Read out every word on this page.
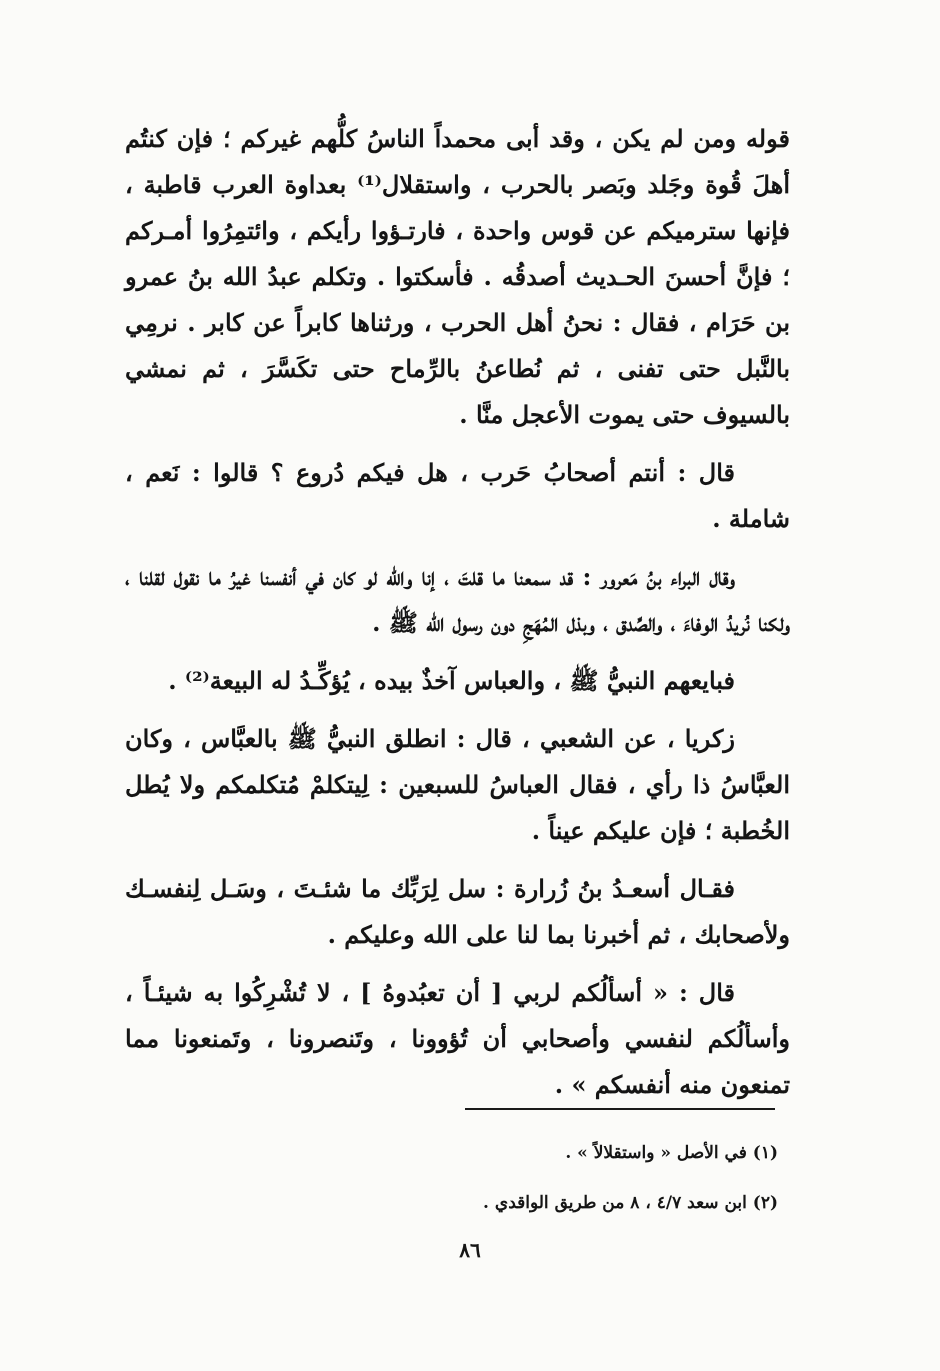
قوله ومن لم يكن ، وقد أبى محمداً الناسُ كلُّهم غيركم ؛ فإن كنتُم أهلَ قُوة وجَلد وبَصر بالحرب ، واستقلال⁽¹⁾ بعداوة العرب قاطبة ، فإنها سترميكم عن قوس واحدة ، فارتـؤوا رأيكم ، وائتمِرُوا أمـركم ؛ فإنَّ أحسنَ الحـديث أصدقُه . فأسكتوا . وتكلم عبدُ الله بنُ عمرو بن حَرَام ، فقال : نحنُ أهل الحرب ، ورثناها كابراً عن كابر . نرمِي بالنَّبل حتى تفنى ، ثم نُطاعنُ بالرِّماح حتى تكَسَّرَ ، ثم نمشي بالسيوف حتى يموت الأعجل منَّا .

قال : أنتم أصحابُ حَرب ، هل فيكم دُروع ؟ قالوا : نَعم ، شاملة .

وقال البراء بنُ مَعرور : قد سمعنا ما قلتَ ، إنا والله لو كان في أنفسنا غيرُ ما نقول لقلنا ، ولكنا نُريدُ الوفاءَ ، والصِّدق ، وبذل المُهَجِ دون رسول الله ﷺ .

فبايعهم النبيُّ ﷺ ، والعباس آخذٌ بيده ، يُؤكِّـدُ له البيعة⁽²⁾ .

زكريا ، عن الشعبي ، قال : انطلق النبيُّ ﷺ بالعبَّاس ، وكان العبَّاسُ ذا رأي ، فقال العباسُ للسبعين : لِيتكلمْ مُتكلمكم ولا يُطل الخُطبة ؛ فإن عليكم عيناً .

فقـال أسعـدُ بنُ زُرارة : سل لِرَبِّك ما شئـتَ ، وسَـل لِنفسـك ولأصحابك ، ثم أخبرنا بما لنا على الله وعليكم .

قال : « أسألُكم لربي [ أن تعبُدوهُ ] ، لا تُشْرِكُوا به شيئـاً ، وأسألُكم لنفسي وأصحابي أن تُؤوونا ، وتَنصرونا ، وتَمنعونا مما تمنعون منه أنفسكم » .

(١) في الأصل « واستقلالاً » .

(٢) ابن سعد ٤/٧ ، ٨ من طريق الواقدي .

٨٦
